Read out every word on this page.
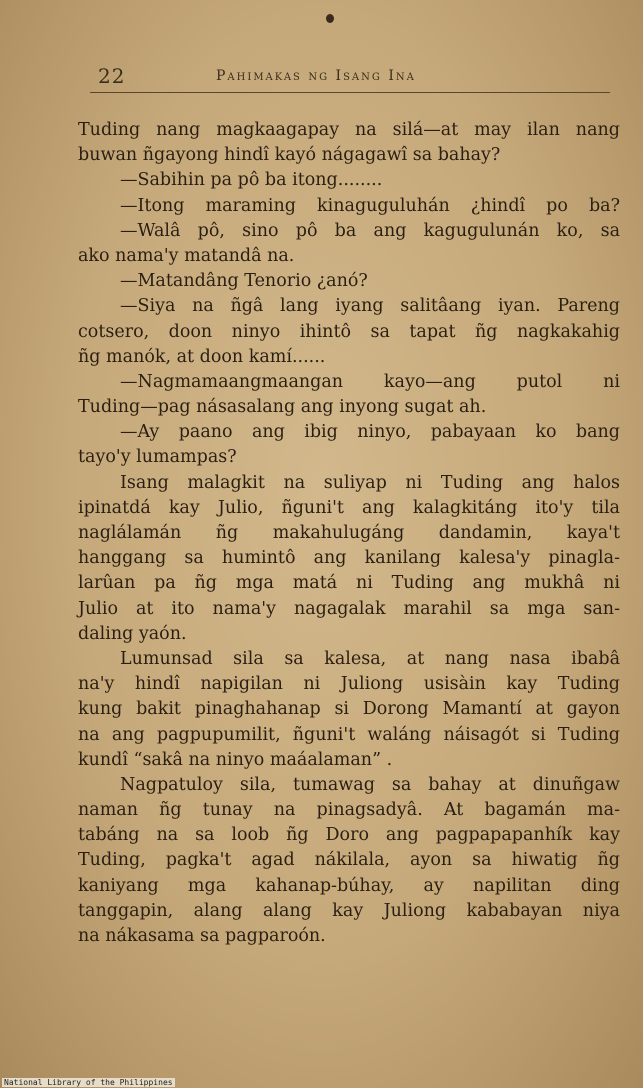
22	Pahimakas ng Isang Ina
Tuding nang magkaagapay na silá—at may ilan nang
buwan ñgayong hindî kayó nágagawî sa bahay?
—Sabihin pa pô ba itong........
—Itong maraming kinaguguluhán ¿hindî po ba?
—Walâ pô, sino pô ba ang kagugulunán ko, sa
ako nama'y matandâ na.
—Matandâng Tenorio ¿anó?
—Siya na ñgâ lang iyang salitâang iyan. Pareng
cotsero, doon ninyo ihintô sa tapat ñg nagkakahig
ñg manók, at doon kamí......
—Nagmamaangmaangan kayo—ang putol ni
Tuding—pag násasalang ang inyong sugat ah.
—Ay paano ang ibig ninyo, pabayaan ko bang
tayo'y lumampas?
Isang malagkit na suliyap ni Tuding ang halos
ipinatdá kay Julio, ñguni't ang kalagkitáng ito'y tila
naglálamán ñg makahulugáng dandamin, kaya't
hanggang sa humintô ang kanilang kalesa'y pinagla-
larûan pa ñg mga matá ni Tuding ang mukhâ ni
Julio at ito nama'y nagagalak marahil sa mga san-
daling yaón.
Lumunsad sila sa kalesa, at nang nasa ibabâ
na'y hindî napigilan ni Juliong usisàin kay Tuding
kung bakit pinaghahanap si Dorong Mamantí at gayon
na ang pagpupumilit, ñguni't waláng náisagót si Tuding
kundî “sakâ na ninyo maáalaman” .
Nagpatuloy sila, tumawag sa bahay at dinuñgaw
naman ñg tunay na pinagsadyâ. At bagamán ma-
tabáng na sa loob ñg Doro ang pagpapapanhík kay
Tuding, pagka't agad nákilala, ayon sa hiwatig ñg
kaniyang mga kahanap-búhay, ay napilitan ding
tanggapin, alang alang kay Juliong kababayan niya
na nákasama sa pagparoón.
National Library of the Philippines
